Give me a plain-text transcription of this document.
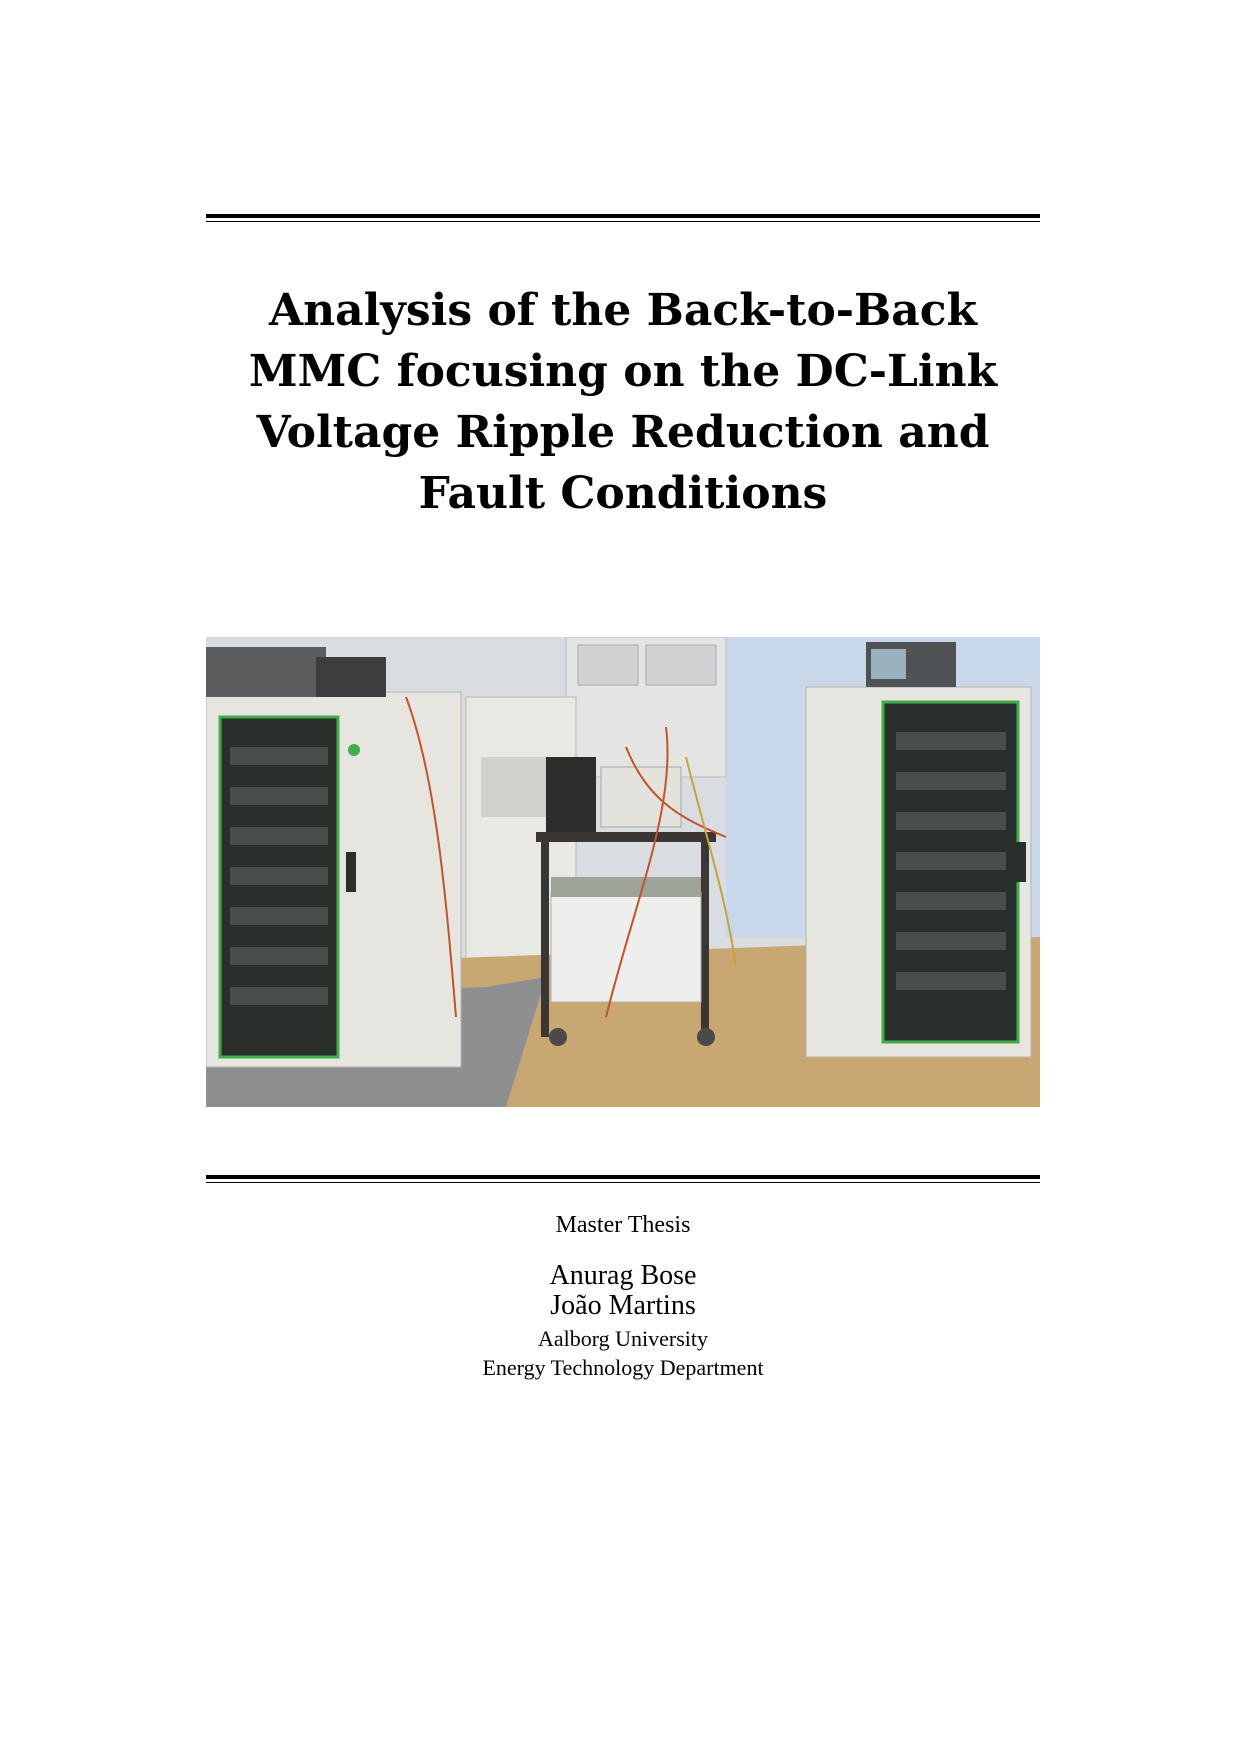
Analysis of the Back-to-Back
MMC focusing on the DC-Link
Voltage Ripple Reduction and
Fault Conditions
Master Thesis
Anurag Bose
João Martins
Aalborg University
Energy Technology Department
